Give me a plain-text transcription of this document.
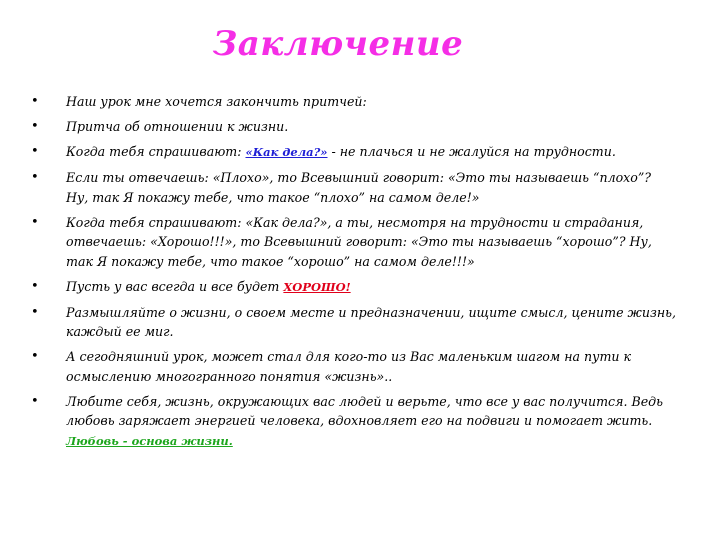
Заключение
• Наш урок мне хочется закончить притчей:
• Притча об отношении к жизни.
• Когда тебя спрашивают: «Как дела?» - не плачься и не жалуйся на трудности.
• Если ты отвечаешь: «Плохо», то Всевышний говорит: «Это ты называешь “плохо”? Ну, так Я покажу тебе, что такое “плохо” на самом деле!»
• Когда тебя спрашивают: «Как дела?», а ты, несмотря на трудности и страдания, отвечаешь: «Хорошо!!!», то Всевышний говорит: «Это ты называешь “хорошо”? Ну, так Я покажу тебе, что такое “хорошо” на самом деле!!!»
• Пусть у вас всегда и все будет ХОРОШО!
• Размышляйте о жизни, о своем месте и предназначении, ищите смысл, цените жизнь, каждый ее миг.
• А сегодняшний урок, может стал для кого-то из Вас маленьким шагом на пути к осмыслению многогранного понятия «жизнь»..
• Любите себя, жизнь, окружающих вас людей и верьте, что все у вас получится. Ведь любовь заряжает энергией человека, вдохновляет его на подвиги и помогает жить.
Любовь - основа жизни.
